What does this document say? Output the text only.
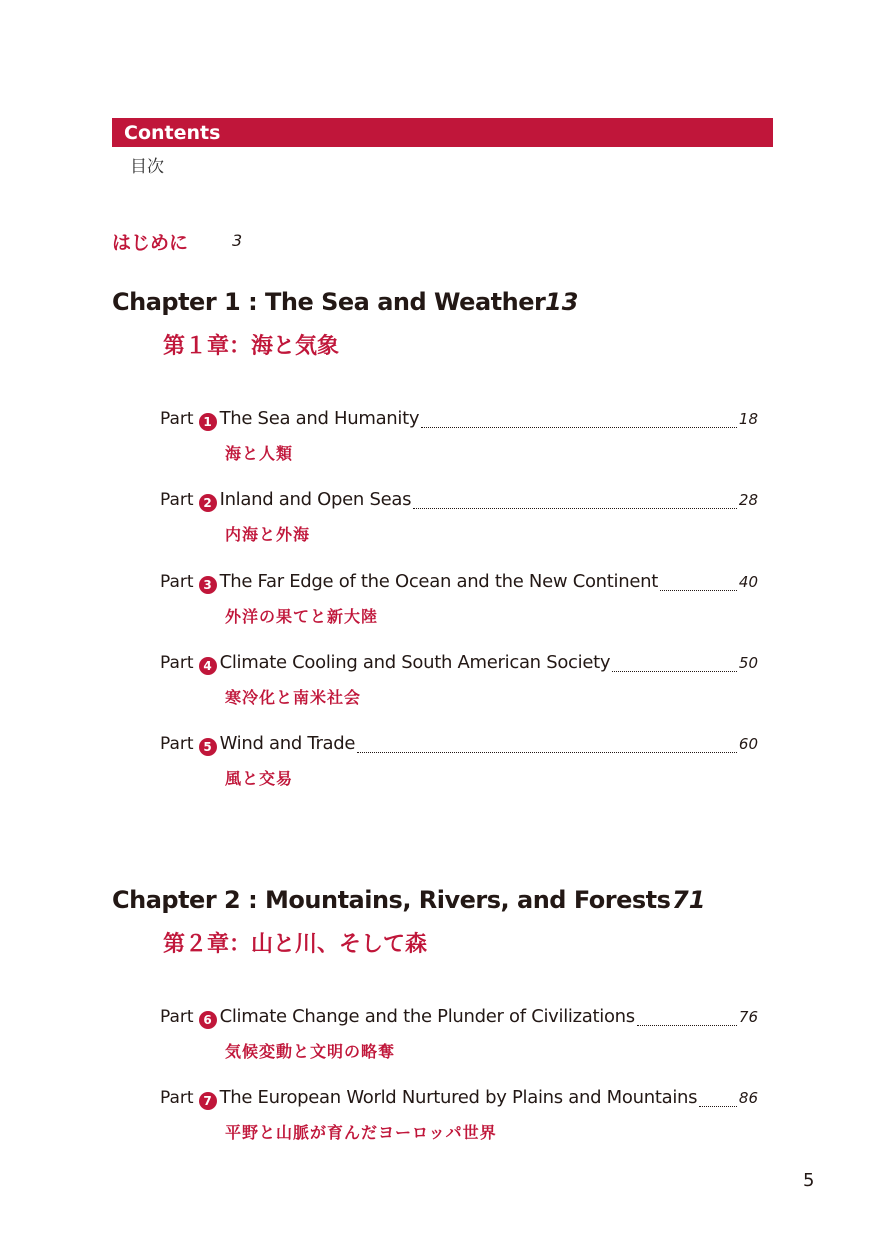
Contents
目次
はじめに	3
Chapter 1 : The Sea and Weather 13
第１章：海と気象
Part 1 The Sea and Humanity	18
海と人類
Part 2 Inland and Open Seas	28
内海と外海
Part 3 The Far Edge of the Ocean and the New Continent	40
外洋の果てと新大陸
Part 4 Climate Cooling and South American Society	50
寒冷化と南米社会
Part 5 Wind and Trade	60
風と交易
Chapter 2 : Mountains, Rivers, and Forests 71
第２章：山と川、そして森
Part 6 Climate Change and the Plunder of Civilizations	76
気候変動と文明の略奪
Part 7 The European World Nurtured by Plains and Mountains	86
平野と山脈が育んだヨーロッパ世界
5
